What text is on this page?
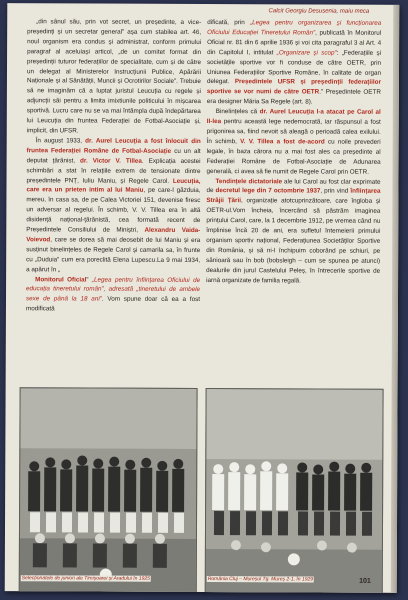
Calcit Georgiu Desusenia, maiu meca

„din sânul său, prin vot secret, un președinte, a vice-președinți și un secretar general” așa cum stabilea art. 46, noul organism era condus și administrat, conform primului paragraf al aceluiași articol, „de un comitet format din președinții tuturor federațiilor de specialitate, cum și de către un delegat al Ministerelor Instrucțiunii Publice, Apărării Naționale și al Sănătății, Muncii și Ocrotirilor Sociale”. Trebuie să ne imaginăm că a luptat juristul Leucuția cu regele și adjuncții săi pentru a limita imixtiunile politicului în mișcarea sportivă. Lucru care nu se va mai întâmpla după îndepărtarea lui Leucuția din fruntea Federației de Fotbal-Asociație și, implicit, din UFSR.

În august 1933, dr. Aurel Leucuția a fost înlocuit din fruntea Federației Române de Fotbal-Asociație cu un alt deputat țărănist, dr. Victor V. Tillea. Explicația acestei schimbări a stat în relațiile extrem de tensionate dintre președintele PNȚ, Iuliu Maniu, și Regele Carol. Leucuția, care era un prieten intim al lui Maniu, pe care-l găzduia, mereu, în casa sa, de pe Calea Victoriei 151, devenise firesc un adversar al regelui. În schimb, V. V. Tillea era în altă disidență național-țărănistă, cea formată recent de Președintele Consiliului de Miniștri, Alexandru Vaida-Voievod, care se dorea să mai deosebit de lui Maniu și era susținut binelințeles de Regele Carol și camarila sa, în frunte cu „Duduia” cum era poreclită Elena Lupescu.La 9 mai 1934, a apărut în „

Monitorul Oficial” „Legea pentru înființarea Oficiului de educația tineretului român”, adresată „tineretului de ambele sexe de până la 18 ani”. Vom spune doar că ea a fost modificată

dificată, prin „Legea pentru organizarea și funcționarea Oficiului Educației Tineretului Român”, publicată în Monitorul Oficial nr. 81 din 6 aprilie 1936 și voi cita paragraful 3 al Art. 4 din Capitolul I, intitulat „Organizare și scop”: „Federațiile și societățile sportive vor fi conduse de către OETR, prin Uniunea Federațiilor Sportive Române, în calitate de organ delegat. Președintele UFSR și președinții federațiilor sportive se vor numi de către OETR.” Președintele OETR era designer Măria Sa Regele (art. 8).

Binelințeles că dr. Aurel Leucuția l-a atacat pe Carol al II-lea pentru această lege nedemocrată, iar răspunsul a fost prigonirea sa, fiind nevoit să aleagă o perioadă calea exilului. În schimb, V. V. Tillea a fost de-acord cu noile prevederi legale, în baza cărora nu a mai fost ales ca președinte al Federației Române de Fotbal-Asociație de Adunarea generală, ci avea să fie numit de Regele Carol prin OETR.

Tendințele dictatoriale ale lui Carol au fost clar exprimate de decretul lege din 7 octombrie 1937, prin vind înființarea Străjii Țării, organizație atotcuprinzătoare, care îngloba și OETR-ul.Vom încheia, încercând să păstrăm imaginea prințului Carol, care, la 1 decembrie 1912, pe vremea când nu împlinise încă 20 de ani, era sufletul întemeierii primului organism sportiv național, Federațiunea Societăților Sportive din România, și să ni-l închipuim coborând pe schiuri, pe sănioară sau în bob (bobsleigh – cum se spunea pe atunci) dealurile din jurul Castelului Peleș, în întrecerile sportive de iarnă organizate de familia regală.

Selecționatele de juniori ale Timișoarei și Aradului în 1925	România Cluj – Mureșul Tg. Mureș 2-1, în 1929	101
